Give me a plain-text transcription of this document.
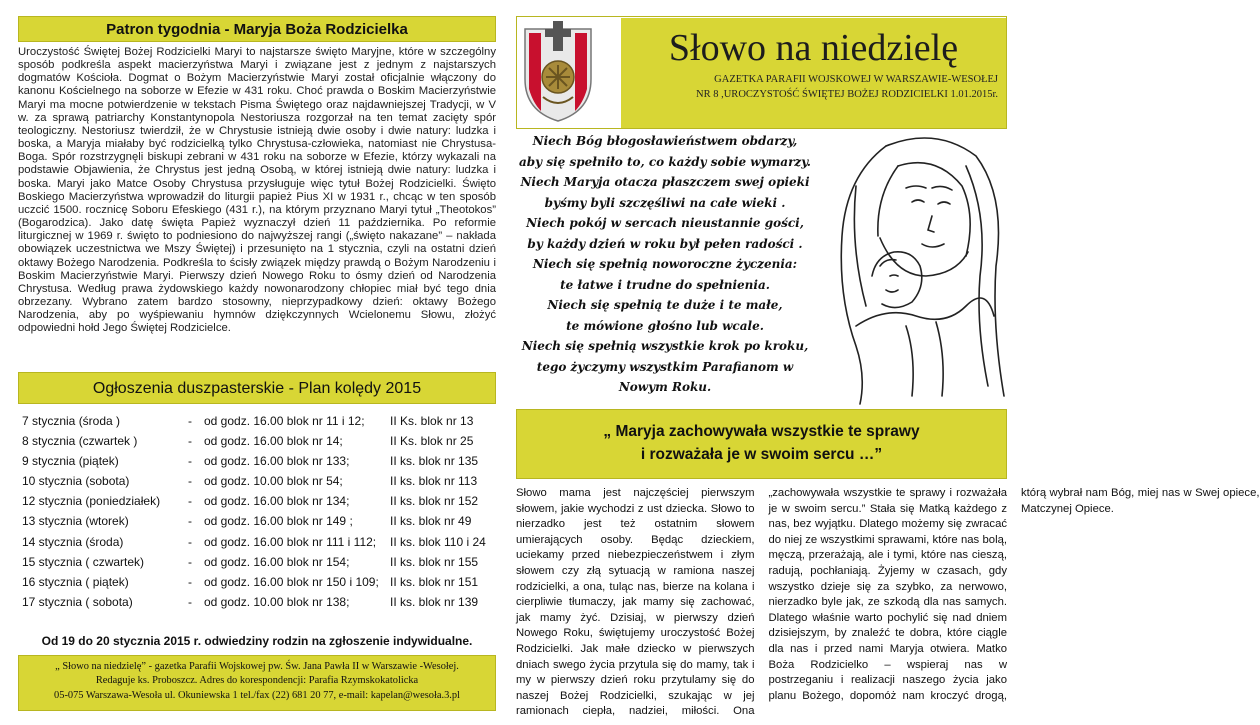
Patron tygodnia - Maryja Boża Rodzicielka
Uroczystość Świętej Bożej Rodzicielki Maryi to najstarsze święto Maryjne, które w szczególny sposób podkreśla aspekt macierzyństwa Maryi i związane jest z jednym z najstarszych dogmatów Kościoła. Dogmat o Bożym Macierzyństwie Maryi został oficjalnie włączony do kanonu Kościelnego na soborze w Efezie w 431 roku. Choć prawda o Boskim Macierzyństwie Maryi ma mocne potwierdzenie w tekstach Pisma Świętego oraz najdawniejszej Tradycji, w V w. za sprawą patriarchy Konstantynopola Nestoriusza rozgorzał na ten temat zacięty spór teologiczny. Nestoriusz twierdził, że w Chrystusie istnieją dwie osoby i dwie natury: ludzka i boska, a Maryja miałaby być rodzicielką tylko Chrystusa-człowieka, natomiast nie Chrystusa-Boga. Spór rozstrzygnęli biskupi zebrani w 431 roku na soborze w Efezie, którzy wykazali na podstawie Objawienia, że Chrystus jest jedną Osobą, w której istnieją dwie natury: ludzka i boska. Maryi jako Matce Osoby Chrystusa przysługuje więc tytuł Bożej Rodzicielki. Święto Boskiego Macierzyństwa wprowadził do liturgii papież Pius XI w 1931 r., chcąc w ten sposób uczcić 1500. rocznicę Soboru Efeskiego (431 r.), na którym przyznano Maryi tytuł „Theotokos” (Bogarodzica). Jako datę święta Papież wyznaczył dzień 11 października. Po reformie liturgicznej w 1969 r. święto to podniesiono do najwyższej rangi („święto nakazane” – nakłada obowiązek uczestnictwa we Mszy Świętej) i przesunięto na 1 stycznia, czyli na ostatni dzień oktawy Bożego Narodzenia. Podkreśla to ścisły związek między prawdą o Bożym Narodzeniu i Boskim Macierzyństwie Maryi. Pierwszy dzień Nowego Roku to ósmy dzień od Narodzenia Chrystusa. Według prawa żydowskiego każdy nowonarodzony chłopiec miał być tego dnia obrzezany. Wybrano zatem bardzo stosowny, nieprzypadkowy dzień: oktawy Bożego Narodzenia, aby po wyśpiewaniu hymnów dziękczynnych Wcielonemu Słowu, złożyć odpowiedni hołd Jego Świętej Rodzicielce.
Ogłoszenia duszpasterskie - Plan kolędy 2015
7 stycznia (środa )	- od godz. 16.00 blok nr 11 i 12; II Ks. blok nr 13
8 stycznia (czwartek )	- od godz. 16.00 blok nr 14;	II Ks. blok nr 25
9 stycznia (piątek)	- od godz. 16.00 blok nr 133;	II ks. blok nr 135
10 stycznia (sobota)	- od godz. 10.00 blok nr 54;	II ks. blok nr 113
12 stycznia (poniedziałek) - od godz. 16.00 blok nr 134;	II ks. blok nr 152
13 stycznia (wtorek)	- od godz. 16.00 blok nr 149 ;	II ks. blok nr 49
14 stycznia (środa)	- od godz. 16.00 blok nr 111 i 112; II ks. blok 110 i 24
15 stycznia ( czwartek)	- od godz. 16.00 blok nr 154;	II ks. blok nr 155
16 stycznia ( piątek)	- od godz. 16.00 blok nr 150 i 109; II ks. blok nr 151
17 stycznia ( sobota)	- od godz. 10.00 blok nr 138;	II ks. blok nr 139
Od 19 do 20 stycznia 2015 r. odwiedziny rodzin na zgłoszenie indywidualne.
„ Słowo na niedzielę” - gazetka Parafii Wojskowej pw. Św. Jana Pawła II w Warszawie -Wesołej.
Redaguje ks. Proboszcz. Adres do korespondencji: Parafia Rzymskokatolicka
05-075 Warszawa-Wesoła ul. Okuniewska 1 tel./fax (22) 681 20 77, e-mail: kapelan@wesoła.3.pl
Słowo na niedzielę
GAZETKA PARAFII WOJSKOWEJ W WARSZAWIE-WESOŁEJ
NR 8 ,UROCZYSTOŚĆ ŚWIĘTEJ BOŻEJ RODZICIELKI 1.01.2015r.
Niech Bóg błogosławieństwem obdarzy,
aby się spełniło to, co każdy sobie wymarzy.
Niech Maryja otacza płaszczem swej opieki
byśmy byli szczęśliwi na całe wieki .
Niech pokój w sercach nieustannie gości,
by każdy dzień w roku był pełen radości .
Niech się spełnią noworoczne życzenia:
te łatwe i trudne do spełnienia.
Niech się spełnią te duże i te małe,
te mówione głośno lub wcale.
Niech się spełnią wszystkie krok po kroku,
tego życzymy wszystkim Parafianom w
Nowym Roku.
„ Maryja zachowywała wszystkie te sprawy
i rozważała je w swoim sercu …”
Słowo mama jest najczęściej pierwszym słowem, jakie wychodzi z ust dziecka. Słowo to nierzadko jest też ostatnim słowem umierających osoby. Będąc dzieckiem, uciekamy przed niebezpieczeństwem i złym słowem czy złą sytuacją w ramiona naszej rodzicielki, a ona, tuląc nas, bierze na kolana i cierpliwie tłumaczy, jak mamy się zachować, jak mamy żyć. Dzisiaj, w pierwszy dzień Nowego Roku, świętujemy uroczystość Bożej Rodzicielki. Jak małe dziecko w pierwszych dniach swego życia przytula się do mamy, tak i my w pierwszy dzień roku przytulamy się do naszej Bożej Rodzicielki, szukając w jej ramionach ciepła, nadziei, miłości. Ona „zachowywała wszystkie te sprawy i rozważała je w swoim sercu.” Stała się Matką każdego z nas, bez wyjątku. Dlatego możemy się zwracać do niej ze wszystkimi sprawami, które nas bolą, męczą, przerażają, ale i tymi, które nas cieszą, radują, pochłaniają. Żyjemy w czasach, gdy wszystko dzieje się za szybko, za nerwowo, nierzadko byle jak, ze szkodą dla nas samych. Dlatego właśnie warto pochylić się nad dniem dzisiejszym, by znaleźć te dobra, które ciągle dla nas i przed nami Maryja otwiera. Matko Boża Rodzicielko – wspieraj nas w postrzeganiu i realizacji naszego życia jako planu Bożego, dopomóż nam kroczyć drogą, którą wybrał nam Bóg, miej nas w Swej opiece, Matczynej Opiece.
